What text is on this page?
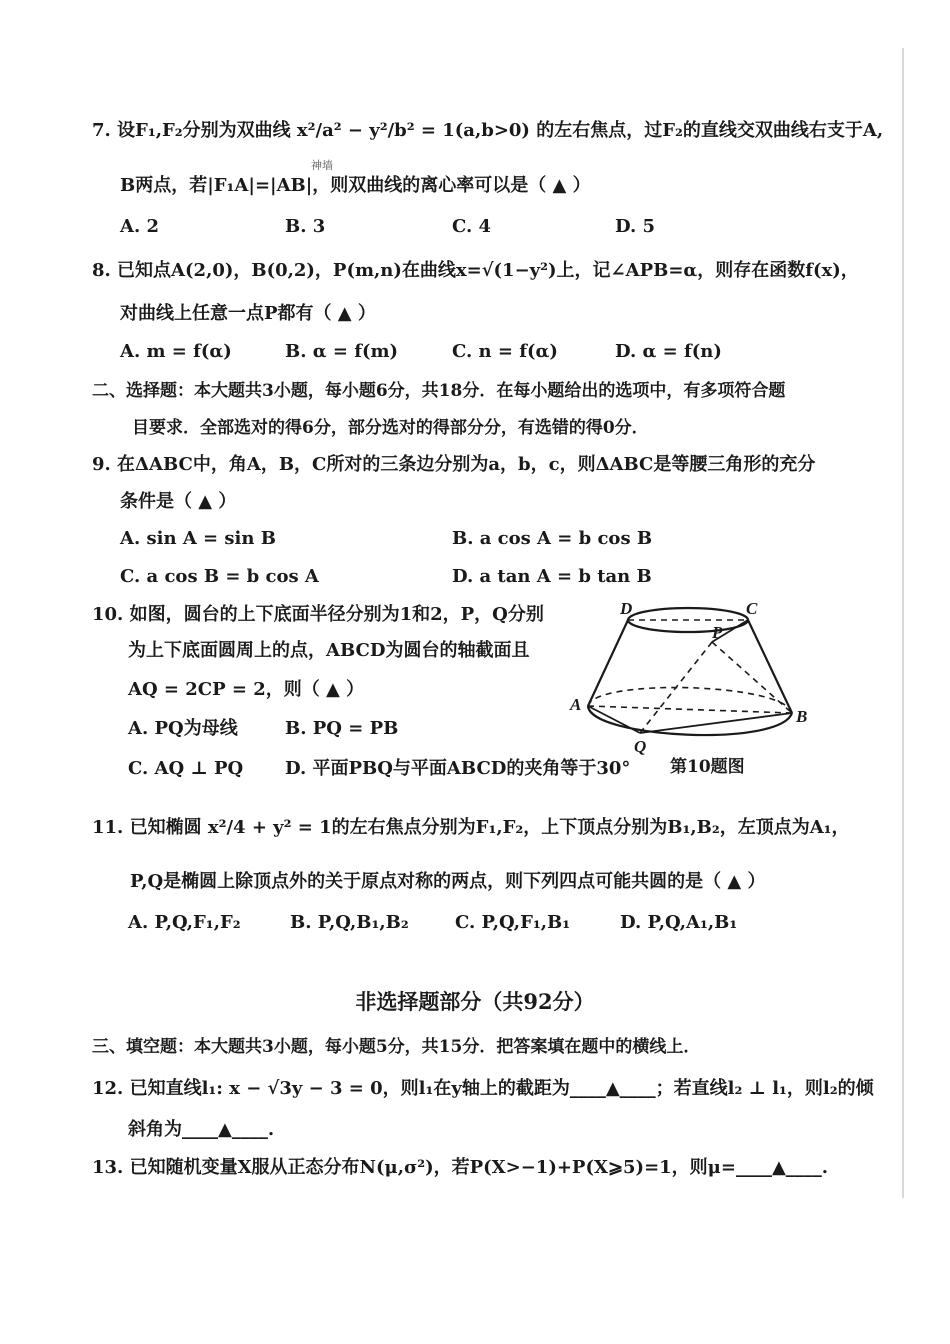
7. 设F₁,F₂分别为双曲线 x²/a² − y²/b² = 1(a,b>0) 的左右焦点，过F₂的直线交双曲线右支于A,
神墙
B两点，若|F₁A|=|AB|，则双曲线的离心率可以是（ ▲ ）
A. 2	B. 3	C. 4	D. 5
8. 已知点A(2,0)，B(0,2)，P(m,n)在曲线x=√(1−y²)上，记∠APB=α，则存在函数f(x)，
对曲线上任意一点P都有（ ▲ ）
A. m = f(α)	B. α = f(m)	C. n = f(α)	D. α = f(n)
二、选择题：本大题共3小题，每小题6分，共18分．在每小题给出的选项中，有多项符合题
目要求．全部选对的得6分，部分选对的得部分分，有选错的得0分．
9. 在ΔABC中，角A，B，C所对的三条边分别为a，b，c，则ΔABC是等腰三角形的充分
条件是（ ▲ ）
A. sin A = sin B	B. a cos A = b cos B
C. a cos B = b cos A	D. a tan A = b tan B
10. 如图，圆台的上下底面半径分别为1和2，P，Q分别
为上下底面圆周上的点，ABCD为圆台的轴截面且
AQ = 2CP = 2，则（ ▲ ）
A. PQ为母线	B. PQ = PB
C. AQ ⊥ PQ D. 平面PBQ与平面ABCD的夹角等于30°
D	C
P
A
B
Q
第10题图
11. 已知椭圆 x²/4 + y² = 1的左右焦点分别为F₁,F₂，上下顶点分别为B₁,B₂，左顶点为A₁，
P,Q是椭圆上除顶点外的关于原点对称的两点，则下列四点可能共圆的是（ ▲ ）
A. P,Q,F₁,F₂	B. P,Q,B₁,B₂	C. P,Q,F₁,B₁	D. P,Q,A₁,B₁
非选择题部分（共92分）
三、填空题：本大题共3小题，每小题5分，共15分．把答案填在题中的横线上．
12. 已知直线l₁: x − √3y − 3 = 0，则l₁在y轴上的截距为____▲____；若直线l₂ ⊥ l₁，则l₂的倾
斜角为____▲____.
13. 已知随机变量X服从正态分布N(μ,σ²)，若P(X>−1)+P(X⩾5)=1，则μ=____▲____.
